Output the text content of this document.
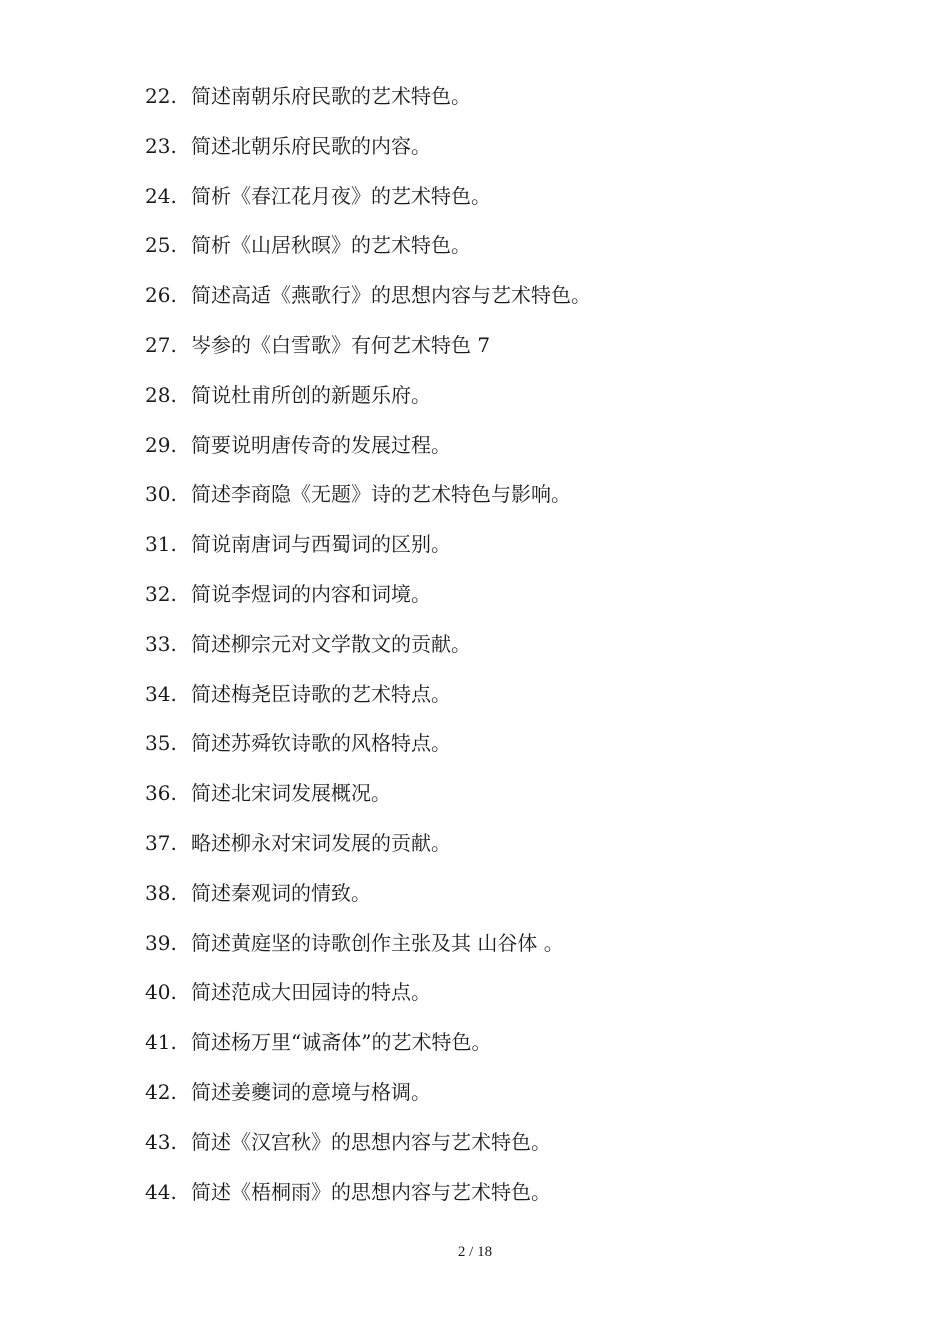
22. 简述南朝乐府民歌的艺术特色。
23. 简述北朝乐府民歌的内容。
24. 简析《春江花月夜》的艺术特色。
25. 简析《山居秋暝》的艺术特色。
26. 简述高适《燕歌行》的思想内容与艺术特色。
27. 岑参的《白雪歌》有何艺术特色 7
28. 简说杜甫所创的新题乐府。
29. 简要说明唐传奇的发展过程。
30. 简述李商隐《无题》诗的艺术特色与影响。
31. 简说南唐词与西蜀词的区别。
32. 简说李煜词的内容和词境。
33. 简述柳宗元对文学散文的贡献。
34. 简述梅尧臣诗歌的艺术特点。
35. 简述苏舜钦诗歌的风格特点。
36. 简述北宋词发展概况。
37. 略述柳永对宋词发展的贡献。
38. 简述秦观词的情致。
39. 简述黄庭坚的诗歌创作主张及其 山谷体 。
40. 简述范成大田园诗的特点。
41. 简述杨万里“诚斋体”的艺术特色。
42. 简述姜夔词的意境与格调。
43. 简述《汉宫秋》的思想内容与艺术特色。
44. 简述《梧桐雨》的思想内容与艺术特色。
2 / 18
